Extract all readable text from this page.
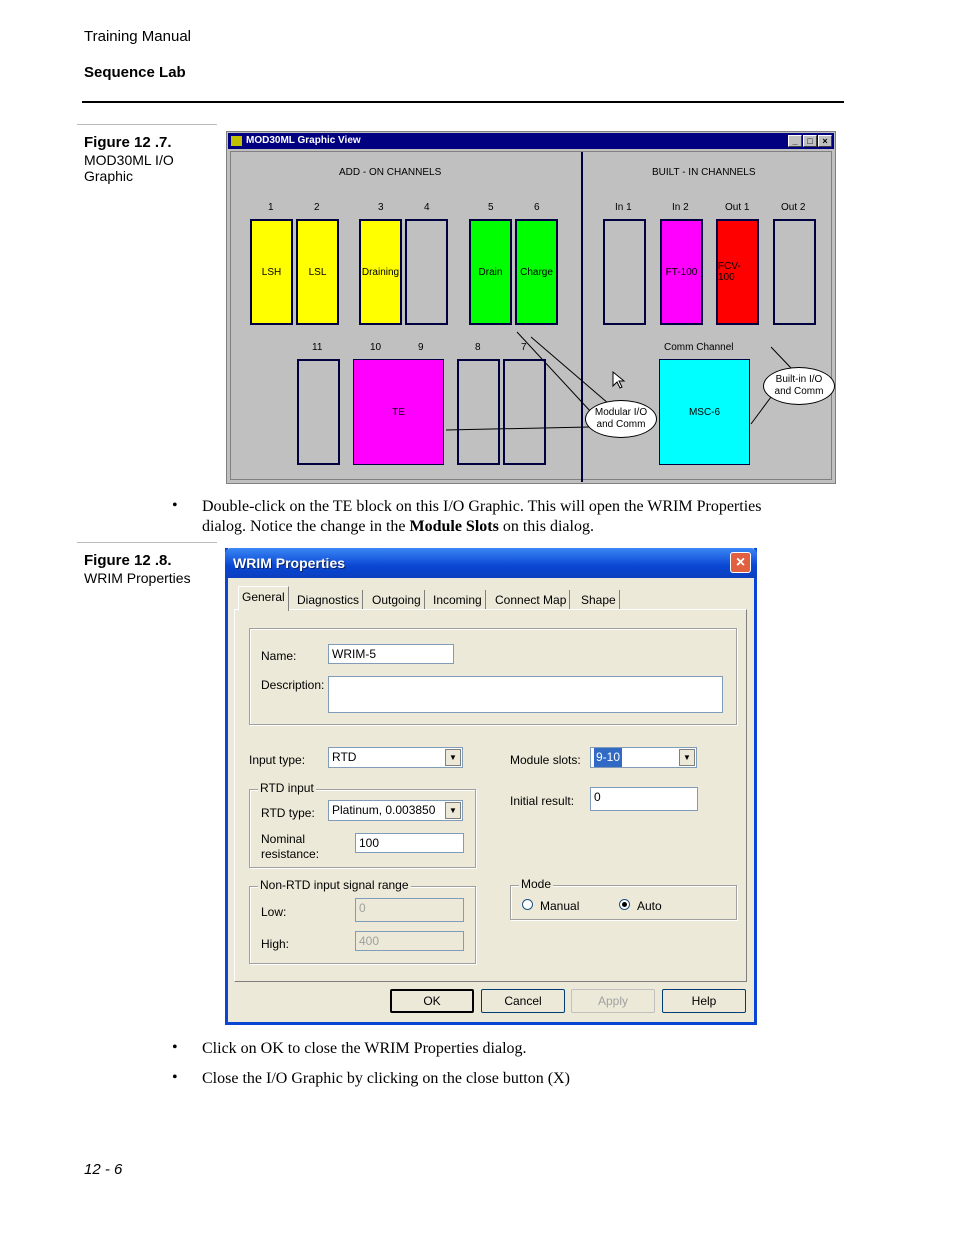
Training Manual
Sequence Lab
Figure 12 .7.
MOD30ML I/O
Graphic
MOD30ML Graphic View	_	□	×
ADD - ON CHANNELS	BUILT - IN CHANNELS
1	2	3	4	5	6
LSH	LSL	Draining	Drain	Charge
In 1	In 2	Out 1	Out 2
FT-100	FCV-100
11	10	9	8	7
TE
Comm Channel
MSC-6
Modular I/O
and Comm
Built-in I/O
and Comm
• Double-click on the TE block on this I/O Graphic. This will open the WRIM Properties
dialog. Notice the change in the Module Slots on this dialog.
Figure 12 .8.
WRIM Properties
WRIM Properties	×
General	Diagnostics	Outgoing	Incoming	Connect Map	Shape
Name:	WRIM-5
Description:
Input type:	RTD	▼	Module slots:	9-10	▼
RTD input
RTD type:	Platinum, 0.003850	▼
Nominal
resistance:
100
Initial result:	0
Non-RTD input signal range
Low:	0
High:	400
Mode
Manual	Auto
OK	Cancel	Apply	Help
• Click on OK to close the WRIM Properties dialog.
• Close the I/O Graphic by clicking on the close button (X)
12 - 6
